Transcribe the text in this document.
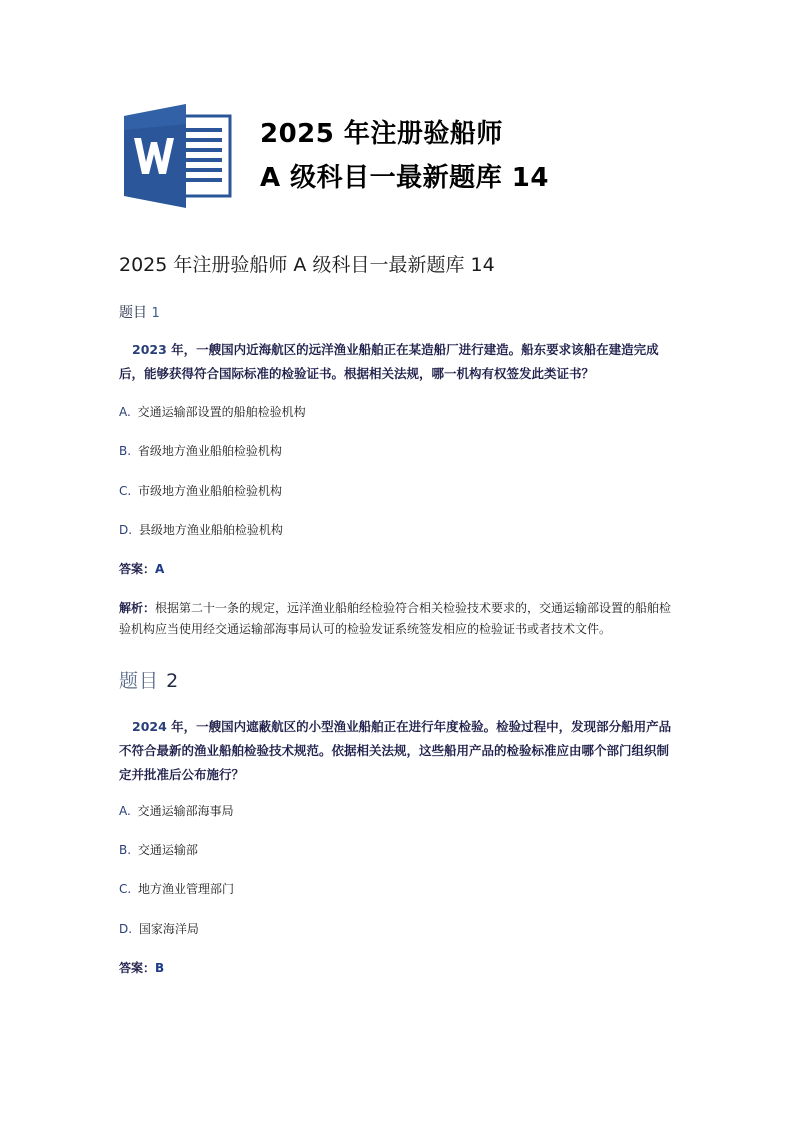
2025 年注册验船师
A 级科目一最新题库 14
2025 年注册验船师 A 级科目一最新题库 14
题目 1
2023 年，一艘国内近海航区的远洋渔业船舶正在某造船厂进行建造。船东要求该船在建造完成后，能够获得符合国际标准的检验证书。根据相关法规，哪一机构有权签发此类证书？
A. 交通运输部设置的船舶检验机构
B. 省级地方渔业船舶检验机构
C. 市级地方渔业船舶检验机构
D. 县级地方渔业船舶检验机构
答案：A
解析：根据第二十一条的规定，远洋渔业船舶经检验符合相关检验技术要求的，交通运输部设置的船舶检验机构应当使用经交通运输部海事局认可的检验发证系统签发相应的检验证书或者技术文件。
题目 2
2024 年，一艘国内遮蔽航区的小型渔业船舶正在进行年度检验。检验过程中，发现部分船用产品不符合最新的渔业船舶检验技术规范。依据相关法规，这些船用产品的检验标准应由哪个部门组织制定并批准后公布施行？
A. 交通运输部海事局
B. 交通运输部
C. 地方渔业管理部门
D. 国家海洋局
答案：B
